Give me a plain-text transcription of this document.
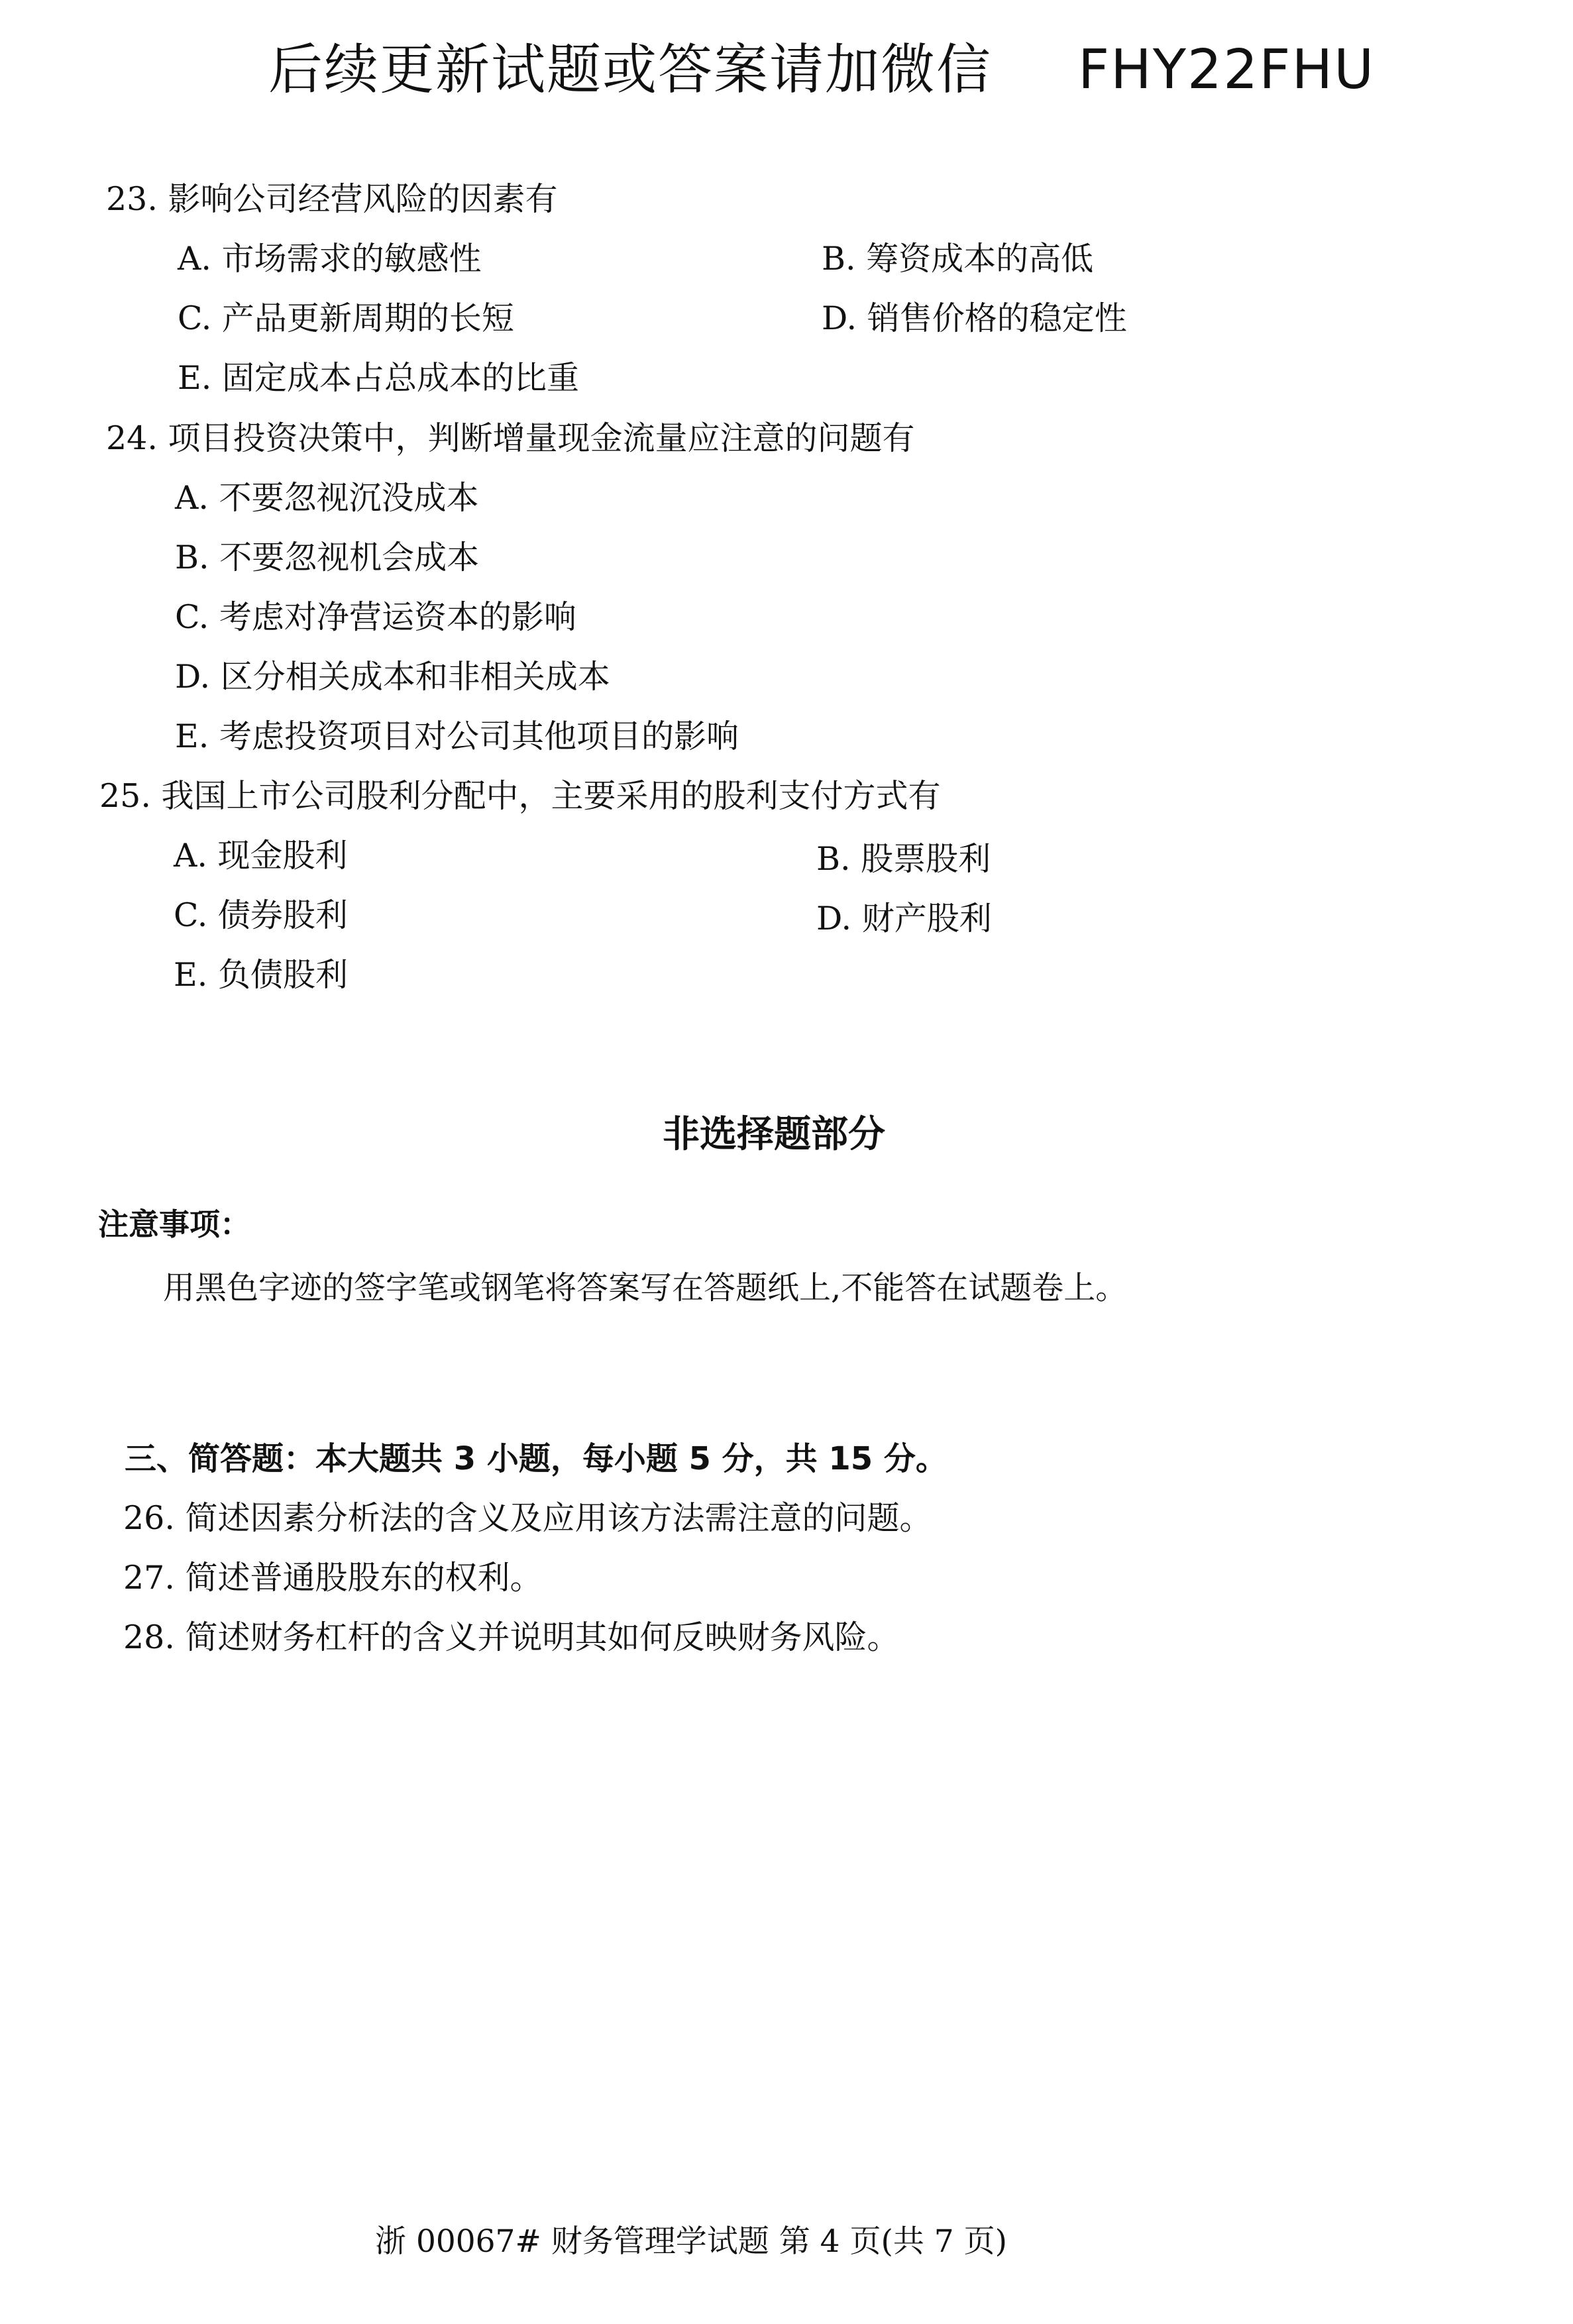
后续更新试题或答案请加微信 FHY22FHU
23. 影响公司经营风险的因素有
A. 市场需求的敏感性	B. 筹资成本的高低
C. 产品更新周期的长短	D. 销售价格的稳定性
E. 固定成本占总成本的比重
24. 项目投资决策中，判断增量现金流量应注意的问题有
A. 不要忽视沉没成本
B. 不要忽视机会成本
C. 考虑对净营运资本的影响
D. 区分相关成本和非相关成本
E. 考虑投资项目对公司其他项目的影响
25. 我国上市公司股利分配中，主要采用的股利支付方式有
A. 现金股利	B. 股票股利
C. 债券股利	D. 财产股利
E. 负债股利
非选择题部分
注意事项：
用黑色字迹的签字笔或钢笔将答案写在答题纸上,不能答在试题卷上。
三、简答题：本大题共 3 小题，每小题 5 分，共 15 分。
26. 简述因素分析法的含义及应用该方法需注意的问题。
27. 简述普通股股东的权利。
28. 简述财务杠杆的含义并说明其如何反映财务风险。
浙 00067# 财务管理学试题 第 4 页(共 7 页)
